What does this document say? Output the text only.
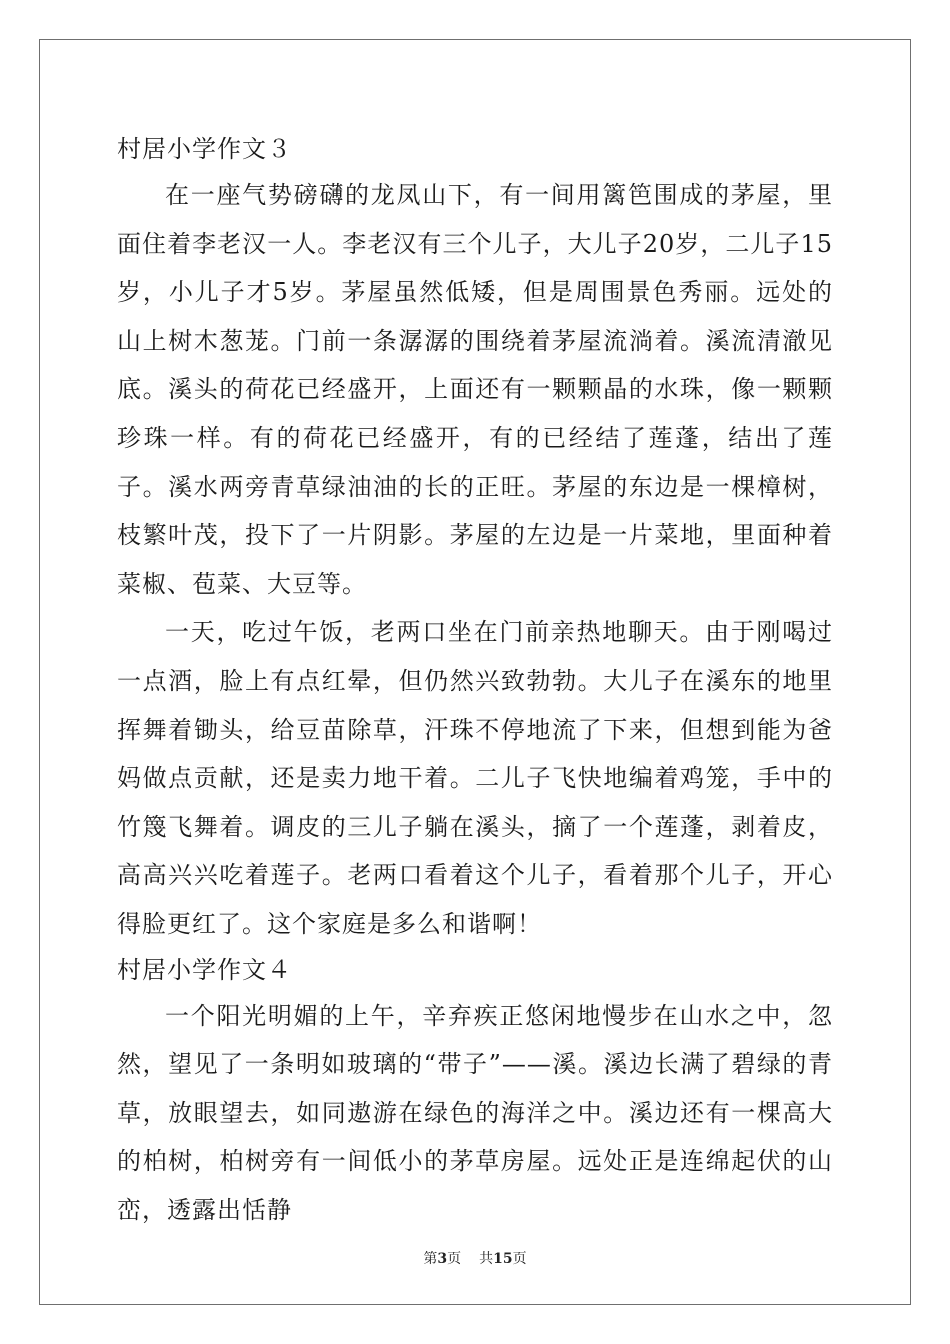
村居小学作文３

在一座气势磅礴的龙凤山下，有一间用篱笆围成的茅屋，里面住着李老汉一人。李老汉有三个儿子，大儿子20岁，二儿子15岁，小儿子才5岁。茅屋虽然低矮，但是周围景色秀丽。远处的山上树木葱茏。门前一条潺潺的围绕着茅屋流淌着。溪流清澈见底。溪头的荷花已经盛开，上面还有一颗颗晶的水珠，像一颗颗珍珠一样。有的荷花已经盛开，有的已经结了莲蓬，结出了莲子。溪水两旁青草绿油油的长的正旺。茅屋的东边是一棵樟树，枝繁叶茂，投下了一片阴影。茅屋的左边是一片菜地，里面种着菜椒、苞菜、大豆等。

一天，吃过午饭，老两口坐在门前亲热地聊天。由于刚喝过一点酒，脸上有点红晕，但仍然兴致勃勃。大儿子在溪东的地里挥舞着锄头，给豆苗除草，汗珠不停地流了下来，但想到能为爸妈做点贡献，还是卖力地干着。二儿子飞快地编着鸡笼，手中的竹篾飞舞着。调皮的三儿子躺在溪头，摘了一个莲蓬，剥着皮，高高兴兴吃着莲子。老两口看着这个儿子，看着那个儿子，开心得脸更红了。这个家庭是多么和谐啊！

村居小学作文４

一个阳光明媚的上午，辛弃疾正悠闲地慢步在山水之中，忽然，望见了一条明如玻璃的“带子”——溪。溪边长满了碧绿的青草，放眼望去，如同遨游在绿色的海洋之中。溪边还有一棵高大的柏树，柏树旁有一间低小的茅草房屋。远处正是连绵起伏的山峦，透露出恬静

第3页 共15页
